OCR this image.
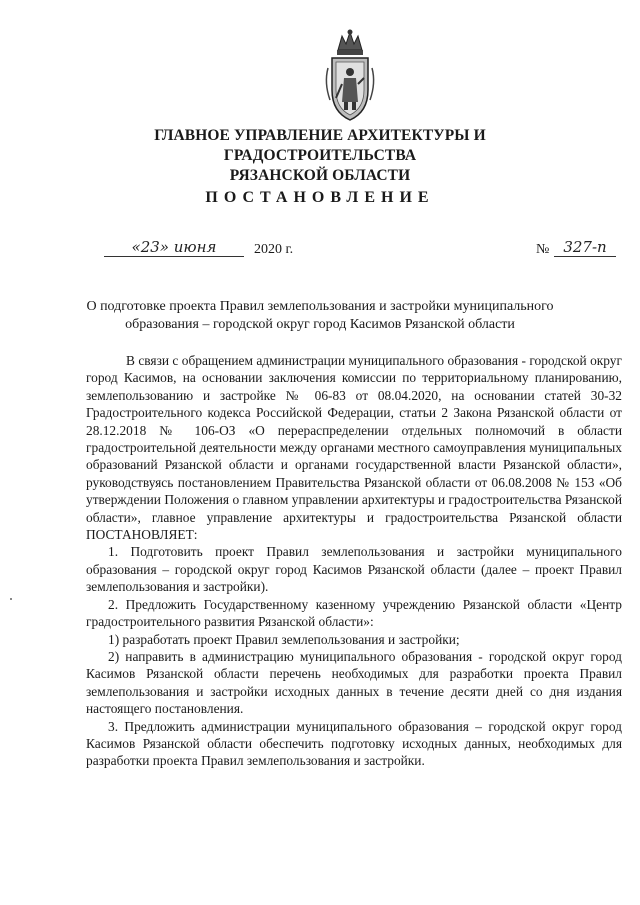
ГЛАВНОЕ УПРАВЛЕНИЕ АРХИТЕКТУРЫ И ГРАДОСТРОИТЕЛЬСТВА
РЯЗАНСКОЙ ОБЛАСТИ
ПОСТАНОВЛЕНИЕ
«23» июня	2020 г.	№ 327-п
О подготовке проекта Правил землепользования и застройки муниципального
образования – городской округ город Касимов Рязанской области

В связи с обращением администрации муниципального образования - городской округ город Касимов, на основании заключения комиссии по территориальному планированию, землепользованию и застройке № 06-83 от 08.04.2020, на основании статей 30-32 Градостроительного кодекса Российской Федерации, статьи 2 Закона Рязанской области от 28.12.2018 № 106-ОЗ «О перераспределении отдельных полномочий в области градостроительной деятельности между органами местного самоуправления муниципальных образований Рязанской области и органами государственной власти Рязанской области», руководствуясь постановлением Правительства Рязанской области от 06.08.2008 № 153 «Об утверждении Положения о главном управлении архитектуры и градостроительства Рязанской области», главное управление архитектуры и градостроительства Рязанской области ПОСТАНОВЛЯЕТ:

1. Подготовить проект Правил землепользования и застройки муниципального образования – городской округ город Касимов Рязанской области (далее – проект Правил землепользования и застройки).

2. Предложить Государственному казенному учреждению Рязанской области «Центр градостроительного развития Рязанской области»:

1) разработать проект Правил землепользования и застройки;

2) направить в администрацию муниципального образования - городской округ город Касимов Рязанской области перечень необходимых для разработки проекта Правил землепользования и застройки исходных данных в течение десяти дней со дня издания настоящего постановления.

3. Предложить администрации муниципального образования – городской округ город Касимов Рязанской области обеспечить подготовку исходных данных, необходимых для разработки проекта Правил землепользования и застройки.
